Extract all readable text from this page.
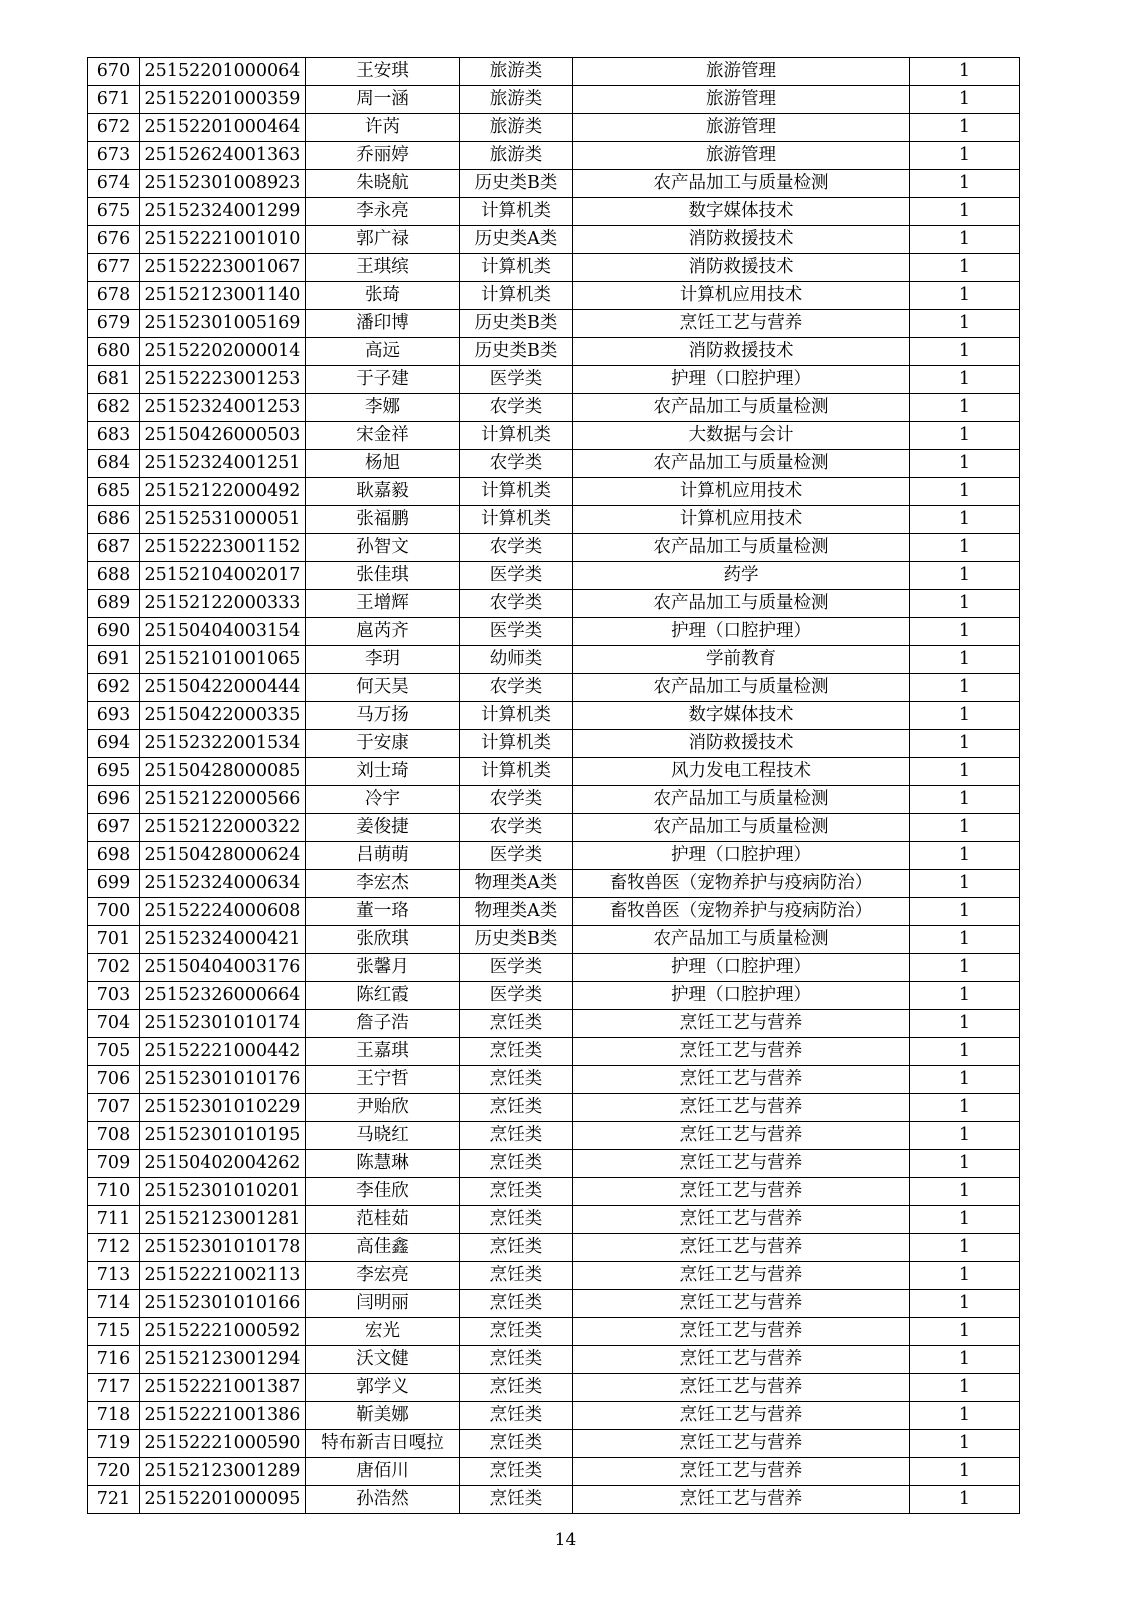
670	25152201000064	王安琪	旅游类	旅游管理	1
671	25152201000359	周一涵	旅游类	旅游管理	1
672	25152201000464	许芮	旅游类	旅游管理	1
673	25152624001363	乔丽婷	旅游类	旅游管理	1
674	25152301008923	朱晓航	历史类B类	农产品加工与质量检测	1
675	25152324001299	李永亮	计算机类	数字媒体技术	1
676	25152221001010	郭广禄	历史类A类	消防救援技术	1
677	25152223001067	王琪缤	计算机类	消防救援技术	1
678	25152123001140	张琦	计算机类	计算机应用技术	1
679	25152301005169	潘印博	历史类B类	烹饪工艺与营养	1
680	25152202000014	高远	历史类B类	消防救援技术	1
681	25152223001253	于子建	医学类	护理（口腔护理）	1
682	25152324001253	李娜	农学类	农产品加工与质量检测	1
683	25150426000503	宋金祥	计算机类	大数据与会计	1
684	25152324001251	杨旭	农学类	农产品加工与质量检测	1
685	25152122000492	耿嘉毅	计算机类	计算机应用技术	1
686	25152531000051	张福鹏	计算机类	计算机应用技术	1
687	25152223001152	孙智文	农学类	农产品加工与质量检测	1
688	25152104002017	张佳琪	医学类	药学	1
689	25152122000333	王增辉	农学类	农产品加工与质量检测	1
690	25150404003154	扈芮齐	医学类	护理（口腔护理）	1
691	25152101001065	李玥	幼师类	学前教育	1
692	25150422000444	何天昊	农学类	农产品加工与质量检测	1
693	25150422000335	马万扬	计算机类	数字媒体技术	1
694	25152322001534	于安康	计算机类	消防救援技术	1
695	25150428000085	刘士琦	计算机类	风力发电工程技术	1
696	25152122000566	冷宇	农学类	农产品加工与质量检测	1
697	25152122000322	姜俊捷	农学类	农产品加工与质量检测	1
698	25150428000624	吕萌萌	医学类	护理（口腔护理）	1
699	25152324000634	李宏杰	物理类A类	畜牧兽医（宠物养护与疫病防治）	1
700	25152224000608	董一珞	物理类A类	畜牧兽医（宠物养护与疫病防治）	1
701	25152324000421	张欣琪	历史类B类	农产品加工与质量检测	1
702	25150404003176	张馨月	医学类	护理（口腔护理）	1
703	25152326000664	陈红霞	医学类	护理（口腔护理）	1
704	25152301010174	詹子浩	烹饪类	烹饪工艺与营养	1
705	25152221000442	王嘉琪	烹饪类	烹饪工艺与营养	1
706	25152301010176	王宁哲	烹饪类	烹饪工艺与营养	1
707	25152301010229	尹贻欣	烹饪类	烹饪工艺与营养	1
708	25152301010195	马晓红	烹饪类	烹饪工艺与营养	1
709	25150402004262	陈慧琳	烹饪类	烹饪工艺与营养	1
710	25152301010201	李佳欣	烹饪类	烹饪工艺与营养	1
711	25152123001281	范桂茹	烹饪类	烹饪工艺与营养	1
712	25152301010178	高佳鑫	烹饪类	烹饪工艺与营养	1
713	25152221002113	李宏亮	烹饪类	烹饪工艺与营养	1
714	25152301010166	闫明丽	烹饪类	烹饪工艺与营养	1
715	25152221000592	宏光	烹饪类	烹饪工艺与营养	1
716	25152123001294	沃文健	烹饪类	烹饪工艺与营养	1
717	25152221001387	郭学义	烹饪类	烹饪工艺与营养	1
718	25152221001386	靳美娜	烹饪类	烹饪工艺与营养	1
719	25152221000590	特布新吉日嘎拉	烹饪类	烹饪工艺与营养	1
720	25152123001289	唐佰川	烹饪类	烹饪工艺与营养	1
721	25152201000095	孙浩然	烹饪类	烹饪工艺与营养	1
14
